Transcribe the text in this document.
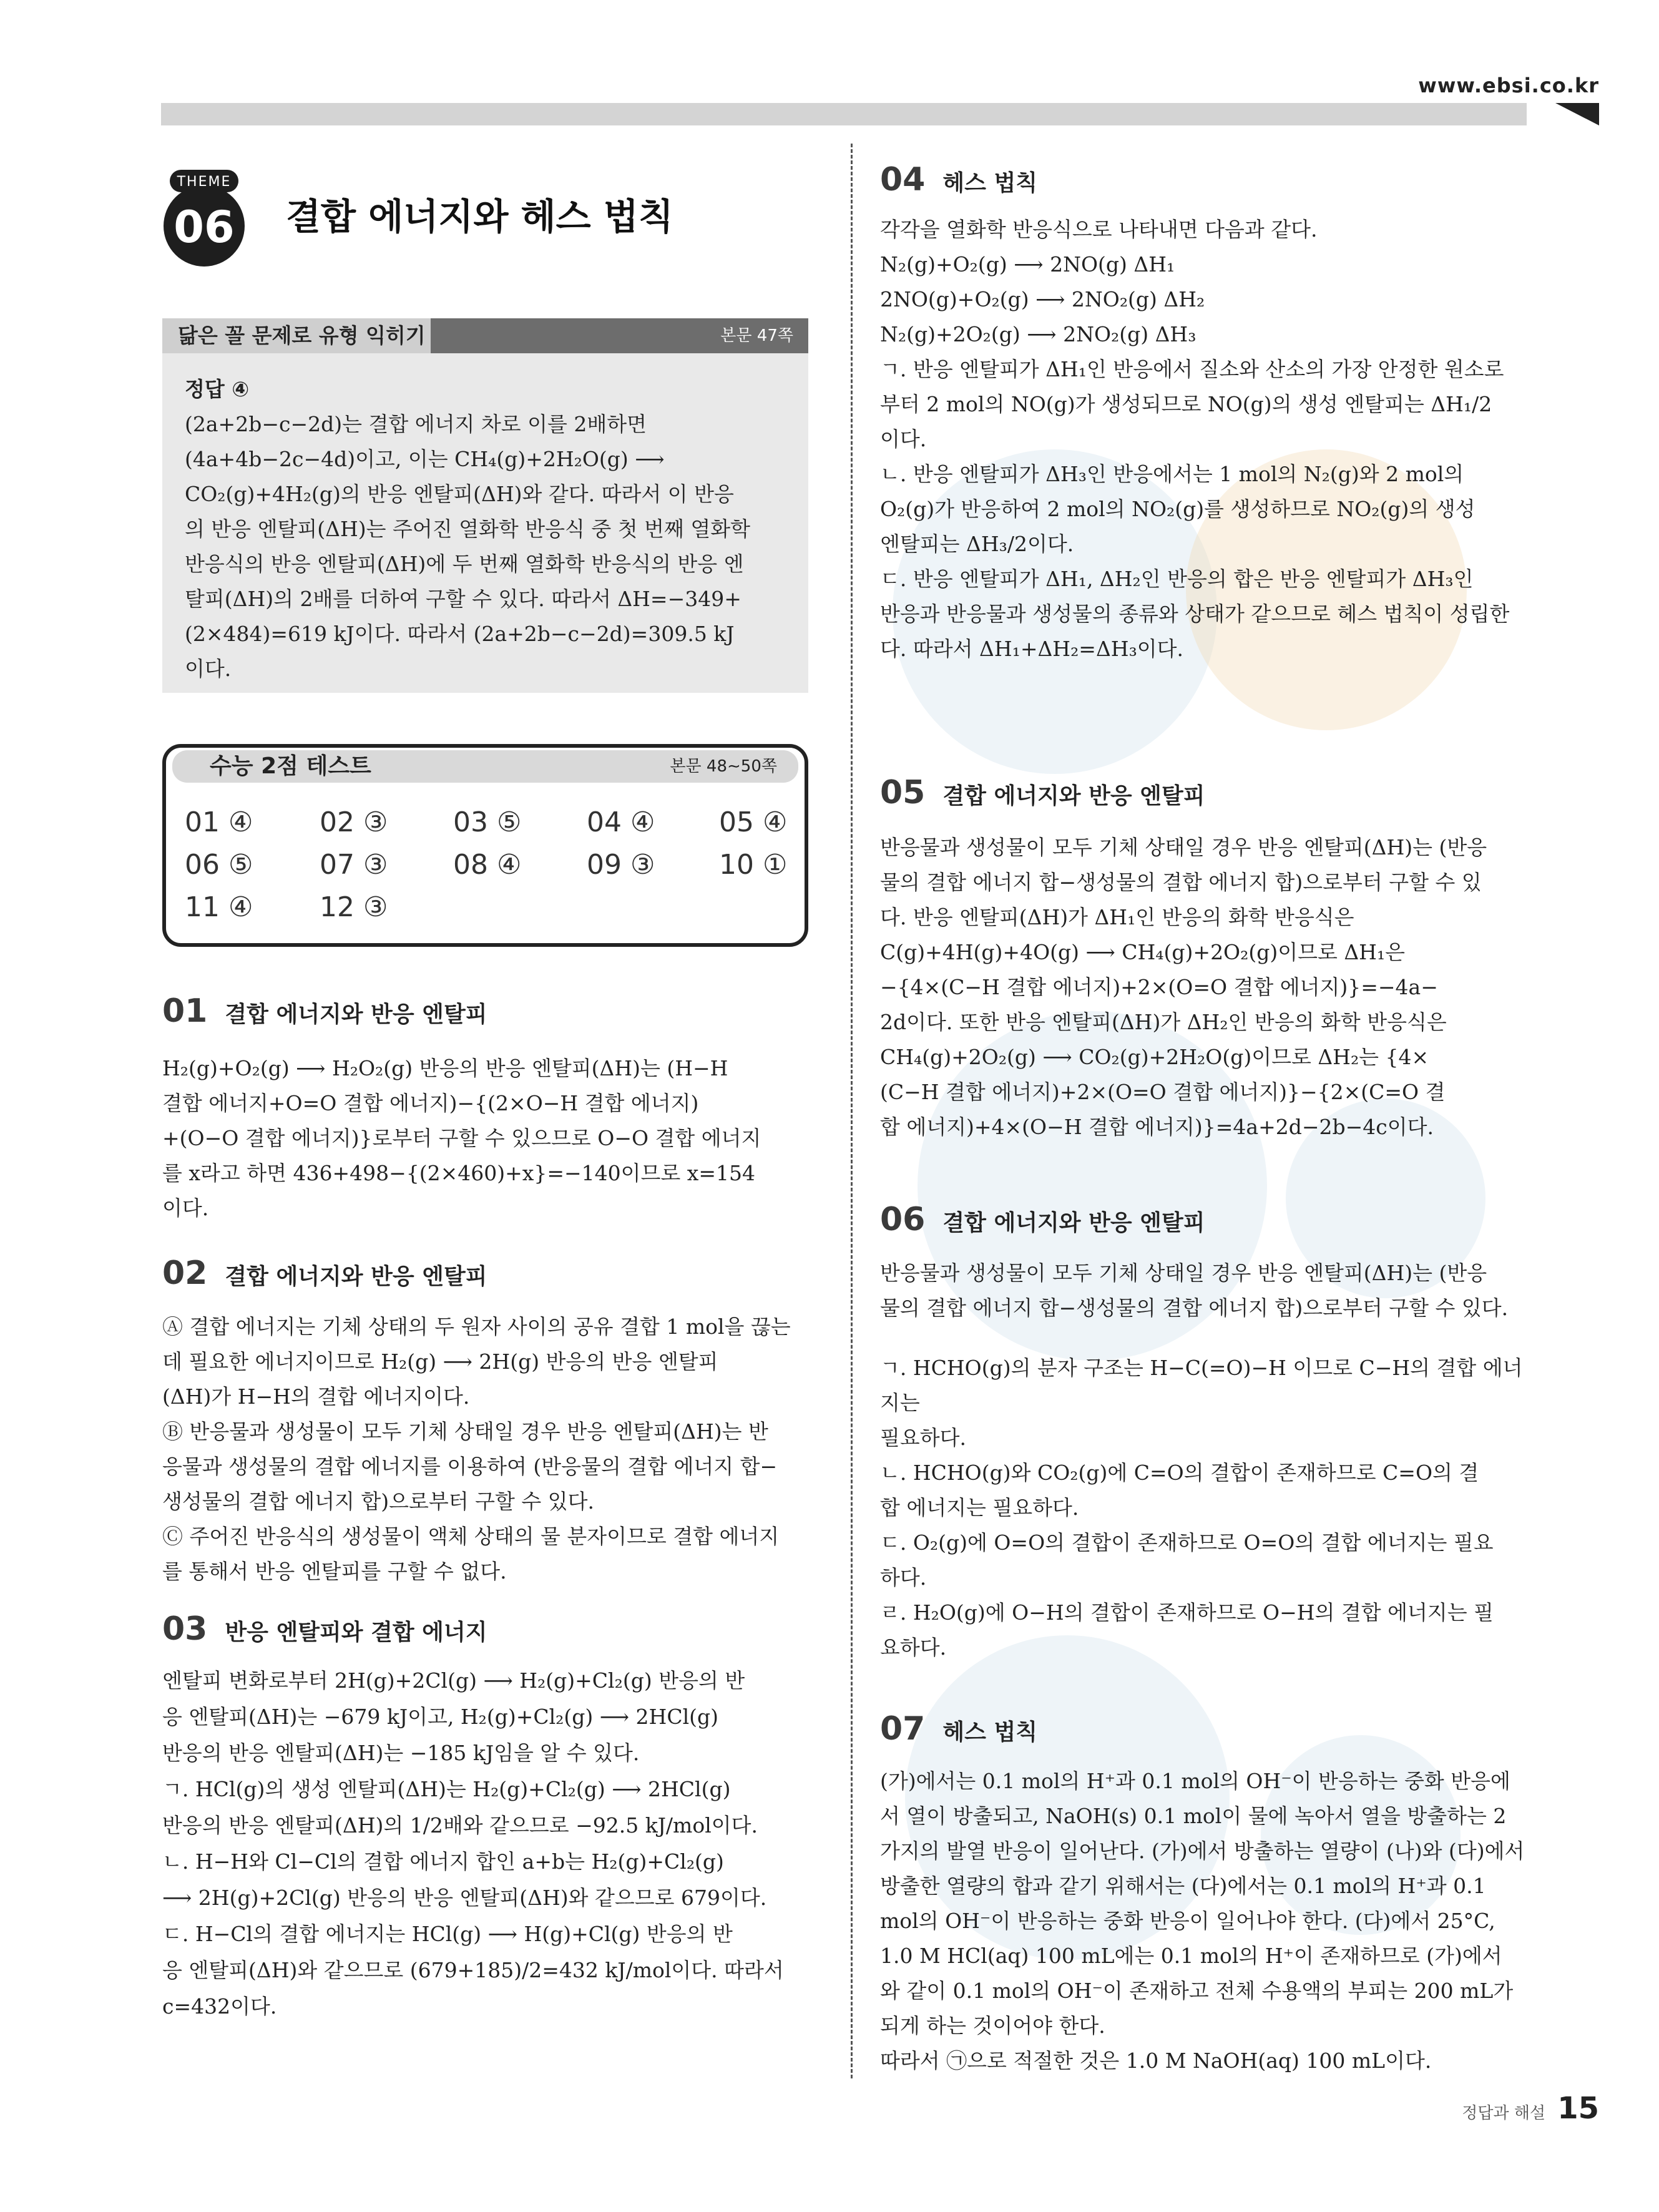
www.ebsi.co.kr
THEME
06 결합 에너지와 헤스 법칙
닮은 꼴 문제로 유형 익히기	본문 47쪽

정답 ④

(2a+2b−c−2d)는 결합 에너지 차로 이를 2배하면

(4a+4b−2c−4d)이고, 이는 CH₄(g)+2H₂O(g) ⟶

CO₂(g)+4H₂(g)의 반응 엔탈피(ΔH)와 같다. 따라서 이 반응

의 반응 엔탈피(ΔH)는 주어진 열화학 반응식 중 첫 번째 열화학

반응식의 반응 엔탈피(ΔH)에 두 번째 열화학 반응식의 반응 엔

탈피(ΔH)의 2배를 더하여 구할 수 있다. 따라서 ΔH=−349+

(2×484)=619 kJ이다. 따라서 (2a+2b−c−2d)=309.5 kJ

이다.

수능 2점 테스트	본문 48∼50쪽
01 ④ 02 ③ 03 ⑤ 04 ④ 05 ④
06 ⑤ 07 ③ 08 ④ 09 ③ 10 ①
11 ④ 12 ③
01 결합 에너지와 반응 엔탈피

H₂(g)+O₂(g) ⟶ H₂O₂(g) 반응의 반응 엔탈피(ΔH)는 (H−H

결합 에너지+O=O 결합 에너지)−{(2×O−H 결합 에너지)

+(O−O 결합 에너지)}로부터 구할 수 있으므로 O−O 결합 에너지

를 x라고 하면 436+498−{(2×460)+x}=−140이므로 x=154

이다.

02 결합 에너지와 반응 엔탈피

Ⓐ 결합 에너지는 기체 상태의 두 원자 사이의 공유 결합 1 mol을 끊는

데 필요한 에너지이므로 H₂(g) ⟶ 2H(g) 반응의 반응 엔탈피

(ΔH)가 H−H의 결합 에너지이다.

Ⓑ 반응물과 생성물이 모두 기체 상태일 경우 반응 엔탈피(ΔH)는 반

응물과 생성물의 결합 에너지를 이용하여 (반응물의 결합 에너지 합−

생성물의 결합 에너지 합)으로부터 구할 수 있다.

Ⓒ 주어진 반응식의 생성물이 액체 상태의 물 분자이므로 결합 에너지

를 통해서 반응 엔탈피를 구할 수 없다.

03 반응 엔탈피와 결합 에너지

엔탈피 변화로부터 2H(g)+2Cl(g) ⟶ H₂(g)+Cl₂(g) 반응의 반

응 엔탈피(ΔH)는 −679 kJ이고, H₂(g)+Cl₂(g) ⟶ 2HCl(g)

반응의 반응 엔탈피(ΔH)는 −185 kJ임을 알 수 있다.

ㄱ. HCl(g)의 생성 엔탈피(ΔH)는 H₂(g)+Cl₂(g) ⟶ 2HCl(g)

반응의 반응 엔탈피(ΔH)의 1/2배와 같으므로 −92.5 kJ/mol이다.

ㄴ. H−H와 Cl−Cl의 결합 에너지 합인 a+b는 H₂(g)+Cl₂(g)

⟶ 2H(g)+2Cl(g) 반응의 반응 엔탈피(ΔH)와 같으므로 679이다.

ㄷ. H−Cl의 결합 에너지는 HCl(g) ⟶ H(g)+Cl(g) 반응의 반

응 엔탈피(ΔH)와 같으므로 (679+185)/2=432 kJ/mol이다. 따라서

c=432이다.

04 헤스 법칙

각각을 열화학 반응식으로 나타내면 다음과 같다.

N₂(g)+O₂(g) ⟶ 2NO(g) ΔH₁

2NO(g)+O₂(g) ⟶ 2NO₂(g) ΔH₂

N₂(g)+2O₂(g) ⟶ 2NO₂(g) ΔH₃

ㄱ. 반응 엔탈피가 ΔH₁인 반응에서 질소와 산소의 가장 안정한 원소로

부터 2 mol의 NO(g)가 생성되므로 NO(g)의 생성 엔탈피는 ΔH₁/2

이다.

ㄴ. 반응 엔탈피가 ΔH₃인 반응에서는 1 mol의 N₂(g)와 2 mol의

O₂(g)가 반응하여 2 mol의 NO₂(g)를 생성하므로 NO₂(g)의 생성

엔탈피는 ΔH₃/2이다.

ㄷ. 반응 엔탈피가 ΔH₁, ΔH₂인 반응의 합은 반응 엔탈피가 ΔH₃인

반응과 반응물과 생성물의 종류와 상태가 같으므로 헤스 법칙이 성립한

다. 따라서 ΔH₁+ΔH₂=ΔH₃이다.

05 결합 에너지와 반응 엔탈피

반응물과 생성물이 모두 기체 상태일 경우 반응 엔탈피(ΔH)는 (반응

물의 결합 에너지 합−생성물의 결합 에너지 합)으로부터 구할 수 있

다. 반응 엔탈피(ΔH)가 ΔH₁인 반응의 화학 반응식은

C(g)+4H(g)+4O(g) ⟶ CH₄(g)+2O₂(g)이므로 ΔH₁은

−{4×(C−H 결합 에너지)+2×(O=O 결합 에너지)}=−4a−

2d이다. 또한 반응 엔탈피(ΔH)가 ΔH₂인 반응의 화학 반응식은

CH₄(g)+2O₂(g) ⟶ CO₂(g)+2H₂O(g)이므로 ΔH₂는 {4×

(C−H 결합 에너지)+2×(O=O 결합 에너지)}−{2×(C=O 결

합 에너지)+4×(O−H 결합 에너지)}=4a+2d−2b−4c이다.

06 결합 에너지와 반응 엔탈피

반응물과 생성물이 모두 기체 상태일 경우 반응 엔탈피(ΔH)는 (반응

물의 결합 에너지 합−생성물의 결합 에너지 합)으로부터 구할 수 있다.

ㄱ. HCHO(g)의 분자 구조는 H−C(=O)−H 이므로 C−H의 결합 에너지는

필요하다.

ㄴ. HCHO(g)와 CO₂(g)에 C=O의 결합이 존재하므로 C=O의 결

합 에너지는 필요하다.

ㄷ. O₂(g)에 O=O의 결합이 존재하므로 O=O의 결합 에너지는 필요

하다.

ㄹ. H₂O(g)에 O−H의 결합이 존재하므로 O−H의 결합 에너지는 필

요하다.

07 헤스 법칙

(가)에서는 0.1 mol의 H⁺과 0.1 mol의 OH⁻이 반응하는 중화 반응에

서 열이 방출되고, NaOH(s) 0.1 mol이 물에 녹아서 열을 방출하는 2

가지의 발열 반응이 일어난다. (가)에서 방출하는 열량이 (나)와 (다)에서

방출한 열량의 합과 같기 위해서는 (다)에서는 0.1 mol의 H⁺과 0.1

mol의 OH⁻이 반응하는 중화 반응이 일어나야 한다. (다)에서 25°C,

1.0 M HCl(aq) 100 mL에는 0.1 mol의 H⁺이 존재하므로 (가)에서

와 같이 0.1 mol의 OH⁻이 존재하고 전체 수용액의 부피는 200 mL가

되게 하는 것이어야 한다.

따라서 ㉠으로 적절한 것은 1.0 M NaOH(aq) 100 mL이다.

정답과 해설 15
